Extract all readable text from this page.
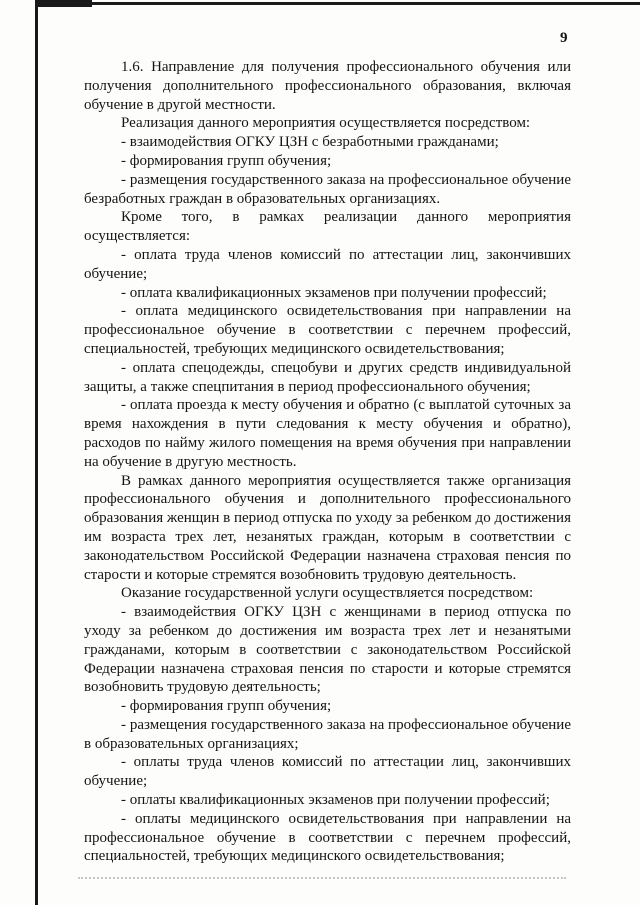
9

1.6. Направление для получения профессионального обучения или получения дополнительного профессионального образования, включая обучение в другой местности.

Реализация данного мероприятия осуществляется посредством:

- взаимодействия ОГКУ ЦЗН с безработными гражданами;

- формирования групп обучения;

- размещения государственного заказа на профессиональное обучение безработных граждан в образовательных организациях.

Кроме того, в рамках реализации данного мероприятия осуществляется:

- оплата труда членов комиссий по аттестации лиц, закончивших обучение;

- оплата квалификационных экзаменов при получении профессий;

- оплата медицинского освидетельствования при направлении на профессиональное обучение в соответствии с перечнем профессий, специальностей, требующих медицинского освидетельствования;

- оплата спецодежды, спецобуви и других средств индивидуальной защиты, а также спецпитания в период профессионального обучения;

- оплата проезда к месту обучения и обратно (с выплатой суточных за время нахождения в пути следования к месту обучения и обратно), расходов по найму жилого помещения на время обучения при направлении на обучение в другую местность.

В рамках данного мероприятия осуществляется также организация профессионального обучения и дополнительного профессионального образования женщин в период отпуска по уходу за ребенком до достижения им возраста трех лет, незанятых граждан, которым в соответствии с законодательством Российской Федерации назначена страховая пенсия по старости и которые стремятся возобновить трудовую деятельность.

Оказание государственной услуги осуществляется посредством:

- взаимодействия ОГКУ ЦЗН с женщинами в период отпуска по уходу за ребенком до достижения им возраста трех лет и незанятыми гражданами, которым в соответствии с законодательством Российской Федерации назначена страховая пенсия по старости и которые стремятся возобновить трудовую деятельность;

- формирования групп обучения;

- размещения государственного заказа на профессиональное обучение в образовательных организациях;

- оплаты труда членов комиссий по аттестации лиц, закончивших обучение;

- оплаты квалификационных экзаменов при получении профессий;

- оплаты медицинского освидетельствования при направлении на профессиональное обучение в соответствии с перечнем профессий, специальностей, требующих медицинского освидетельствования;
